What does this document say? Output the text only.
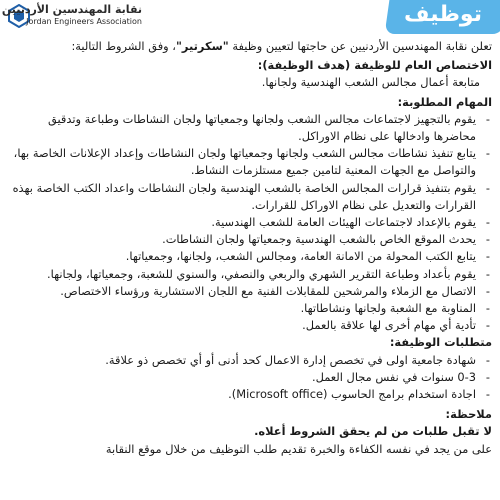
نقابة المهندسين الأردنيين
Jordan Engineers Association	توظيف

تعلن نقابة المهندسين الأردنيين عن حاجتها لتعيين وظيفة "سكرتير"، وفق الشروط التالية:

الاختصاص العام للوظيفة (هدف الوظيفة):

متابعة أعمال مجالس الشعب الهندسية ولجانها.

المهام المطلوبة:

- يقوم بالتجهيز لاجتماعات مجالس الشعب ولجانها وجمعياتها ولجان النشاطات وطباعة وتدقيق محاضرها وادخالها على نظام الاوراكل.
- يتابع تنفيذ نشاطات مجالس الشعب ولجانها وجمعياتها ولجان النشاطات وإعداد الإعلانات الخاصة بها، والتواصل مع الجهات المعنية لتامين جميع مستلزمات النشاط.
- يقوم بتنفيذ قرارات المجالس الخاصة بالشعب الهندسية ولجان النشاطات واعداد الكتب الخاصة بهذه القرارات والتعديل على نظام الاوراكل للقرارات.
- يقوم بالإعداد لاجتماعات الهيئات العامة للشعب الهندسية.
- يحدث الموقع الخاص بالشعب الهندسية وجمعياتها ولجان النشاطات.
- يتابع الكتب المحولة من الامانة العامة، ومجالس الشعب، ولجانها، وجمعياتها.
- يقوم بأعداد وطباعة التقرير الشهري والربعي والنصفي، والسنوي للشعبة، وجمعياتها، ولجانها.
- الاتصال مع الزملاء والمرشحين للمقابلات الفنية مع اللجان الاستشارية ورؤساء الاختصاص.
- المناوبة مع الشعبة ولجانها ونشاطاتها.
- تأدية أي مهام أخرى لها علاقة بالعمل.

متطلبات الوظيفة:

- شهادة جامعية اولى في تخصص إدارة الاعمال كحد أدنى أو أي تخصص ذو علاقة.
- 0-3 سنوات في نفس مجال العمل.
- اجادة استخدام برامج الحاسوب (Microsoft office).

ملاحظة:

لا تقبل طلبات من لم يحقق الشروط أعلاه.

على من يجد في نفسه الكفاءة والخبرة تقديم طلب التوظيف من خلال موقع النقابة
